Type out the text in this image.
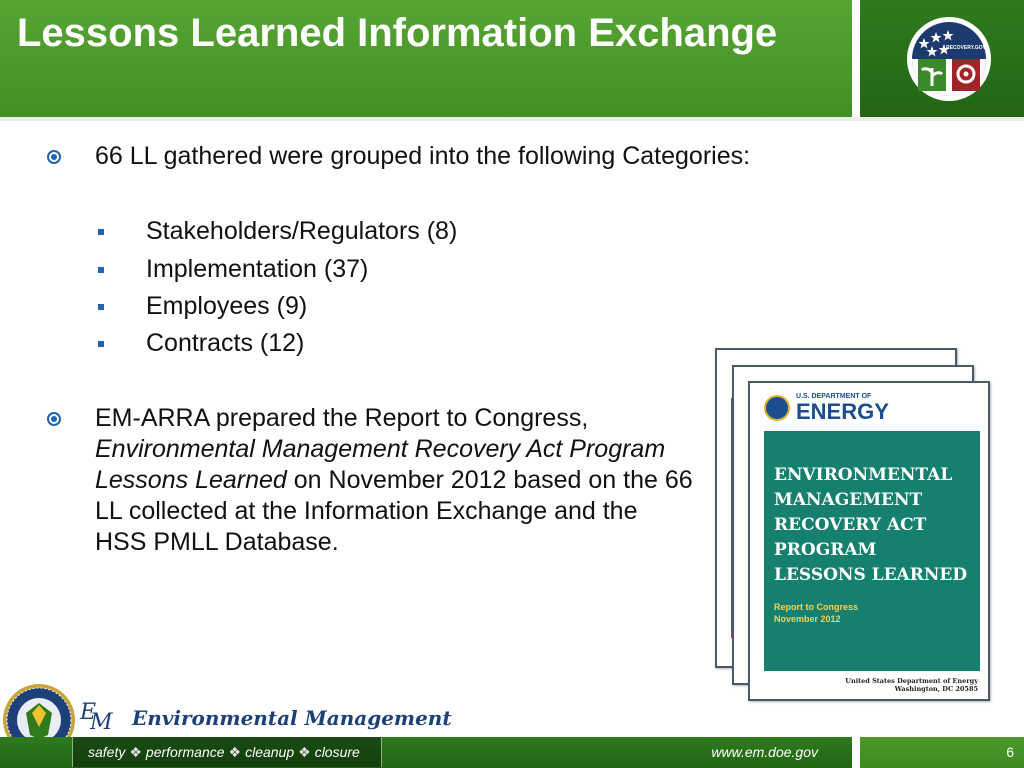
Lessons Learned Information Exchange	RECOVERY.GOV
66 LL gathered were grouped into the following Categories:
Stakeholders/Regulators (8)
Implementation (37)
Employees (9)
Contracts (12)
EM-ARRA prepared the Report to Congress, Environmental Management Recovery Act Program Lessons Learned on November 2012 based on the 66 LL collected at the Information Exchange and the HSS PMLL Database.
U.S. DEPARTMENT OF
ENERGY
ENVIRONMENTAL
MANAGEMENT
RECOVERY ACT
PROGRAM
LESSONS LEARNED
Report to Congress
November 2012
United States Department of Energy
Washington, DC 20585
E
M Environmental Management
safety ❖ performance ❖ cleanup ❖ closure	www.em.doe.gov	6
